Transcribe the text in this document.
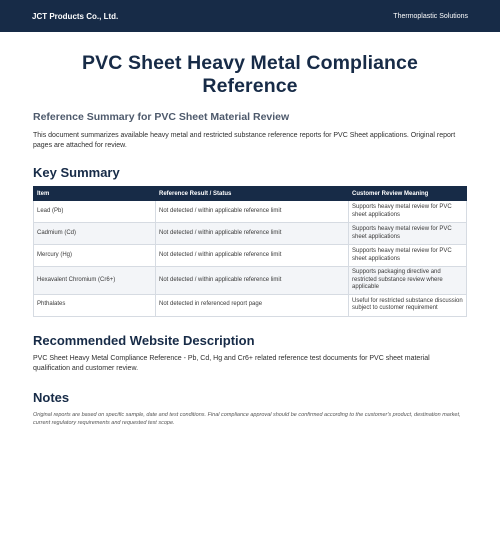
JCT Products Co., Ltd.	Thermoplastic Solutions
PVC Sheet Heavy Metal Compliance Reference
Reference Summary for PVC Sheet Material Review

This document summarizes available heavy metal and restricted substance reference reports for PVC Sheet applications. Original report pages are attached for review.

Key Summary
Item	Reference Result / Status	Customer Review Meaning
Lead (Pb)	Not detected / within applicable reference limit	Supports heavy metal review for PVC sheet applications
Cadmium (Cd)	Not detected / within applicable reference limit	Supports heavy metal review for PVC sheet applications
Mercury (Hg)	Not detected / within applicable reference limit	Supports heavy metal review for PVC sheet applications
Hexavalent Chromium (Cr6+)	Not detected / within applicable reference limit	Supports packaging directive and restricted substance review where applicable
Phthalates	Not detected in referenced report page	Useful for restricted substance discussion subject to customer requirement
Recommended Website Description

PVC Sheet Heavy Metal Compliance Reference - Pb, Cd, Hg and Cr6+ related reference test documents for PVC sheet material qualification and customer review.

Notes

Original reports are based on specific sample, date and test conditions. Final compliance approval should be confirmed according to the customer's product, destination market, current regulatory requirements and requested test scope.
